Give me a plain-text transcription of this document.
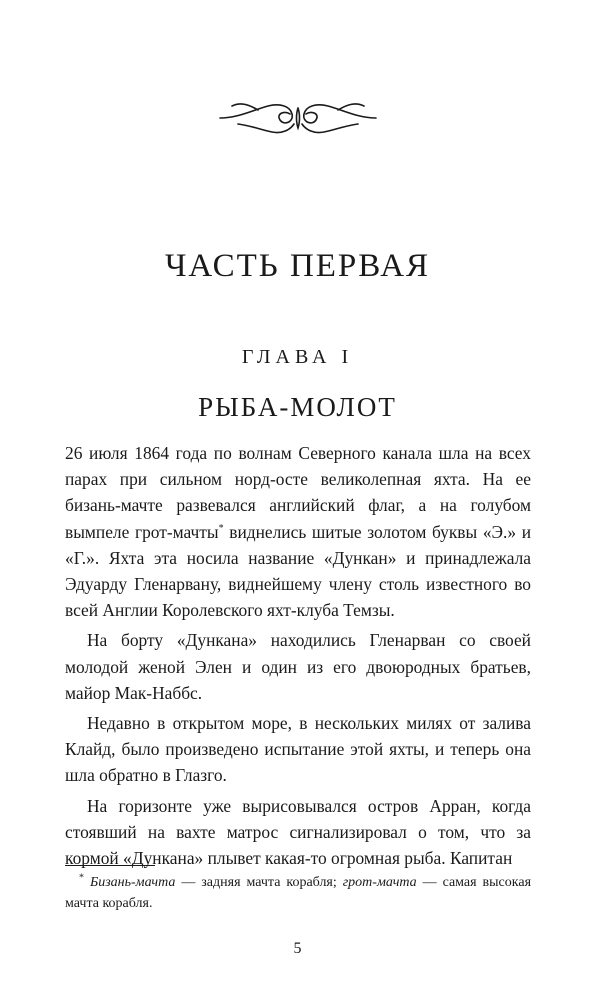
ЧАСТЬ ПЕРВАЯ
ГЛАВА I
РЫБА-МОЛОТ

26 июля 1864 года по волнам Северного канала шла на всех парах при сильном норд-осте великолепная яхта. На ее бизань-мачте развевался английский флаг, а на голубом вымпеле грот-мачты* виднелись шитые золотом буквы «Э.» и «Г.». Яхта эта носила название «Дункан» и принадлежала Эдуарду Гленарвану, виднейшему члену столь известного во всей Англии Королевского яхт-клуба Темзы.

На борту «Дункана» находились Гленарван со своей молодой женой Элен и один из его двоюродных братьев, майор Мак-Наббс.

Недавно в открытом море, в нескольких милях от залива Клайд, было произведено испытание этой яхты, и теперь она шла обратно в Глазго.

На горизонте уже вырисовывался остров Арран, когда стоявший на вахте матрос сигнализировал о том, что за кормой «Дункана» плывет какая-то огромная рыба. Капитан

* Бизань-мачта — задняя мачта корабля; грот-мачта — самая высокая мачта корабля.

5
